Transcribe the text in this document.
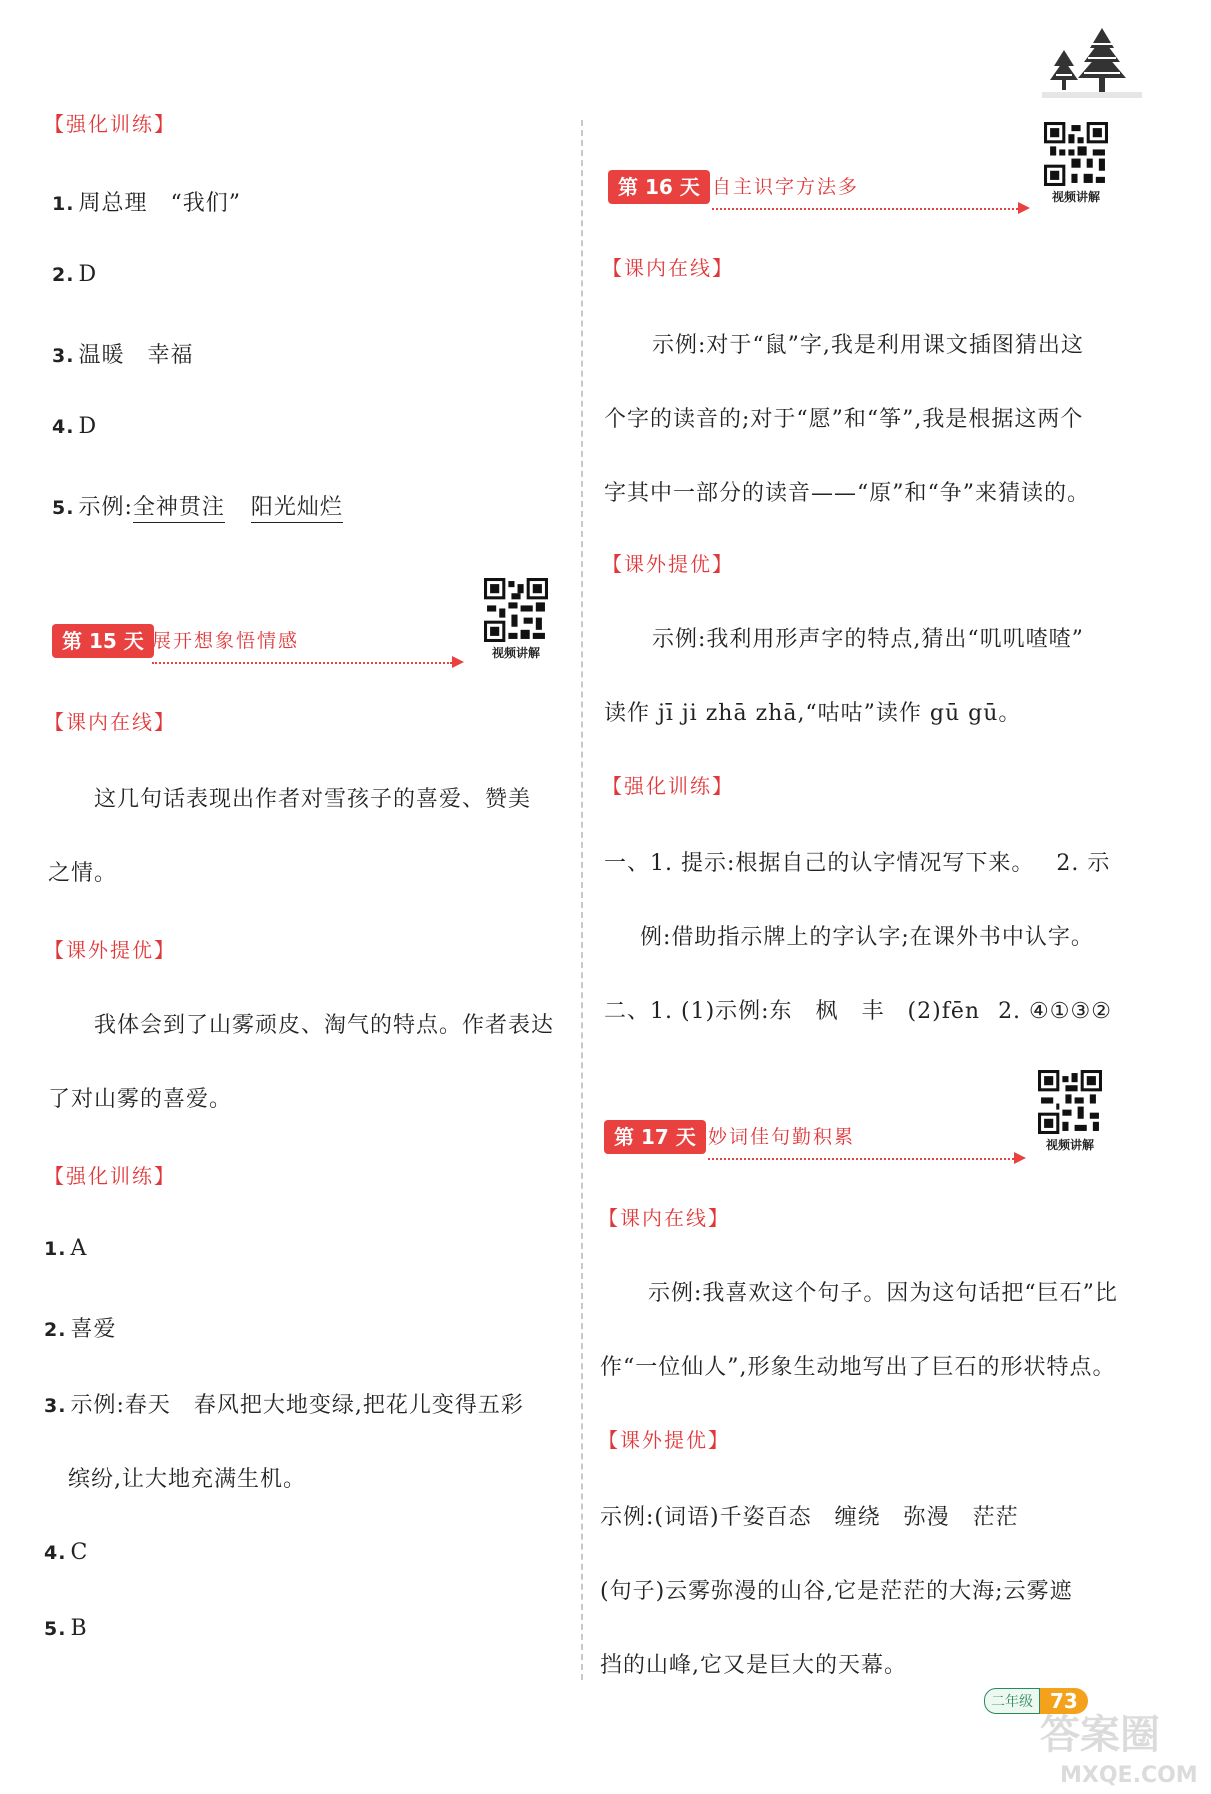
【强化训练】
1. 周总理　“我们”
2. D
3. 温暖　幸福
4. D
5. 示例:全神贯注 阳光灿烂
第 15 天 展开想象悟情感
视频讲解
【课内在线】
这几句话表现出作者对雪孩子的喜爱、赞美
之情。
【课外提优】
我体会到了山雾顽皮、淘气的特点。作者表达
了对山雾的喜爱。
【强化训练】
1. A
2. 喜爱
3. 示例:春天　春风把大地变绿,把花儿变得五彩
缤纷,让大地充满生机。
4. C
5. B
第 16 天 自主识字方法多	视频讲解
【课内在线】
示例:对于“鼠”字,我是利用课文插图猜出这
个字的读音的;对于“愿”和“筝”,我是根据这两个
字其中一部分的读音——“原”和“争”来猜读的。
【课外提优】
示例:我利用形声字的特点,猜出“叽叽喳喳”
读作 jī ji zhā zhā,“咕咕”读作 gū gū。
【强化训练】
一、1. 提示:根据自己的认字情况写下来。 2. 示
例:借助指示牌上的字认字;在课外书中认字。
二、1. (1)示例:东　枫　丰　(2)fēn 2. ④①③②
第 17 天 妙词佳句勤积累	视频讲解
【课内在线】
示例:我喜欢这个句子。因为这句话把“巨石”比
作“一位仙人”,形象生动地写出了巨石的形状特点。
【课外提优】
示例:(词语)千姿百态　缠绕　弥漫　茫茫
(句子)云雾弥漫的山谷,它是茫茫的大海;云雾遮
挡的山峰,它又是巨大的天幕。
二年级 73
答案圈
MXQE.COM
